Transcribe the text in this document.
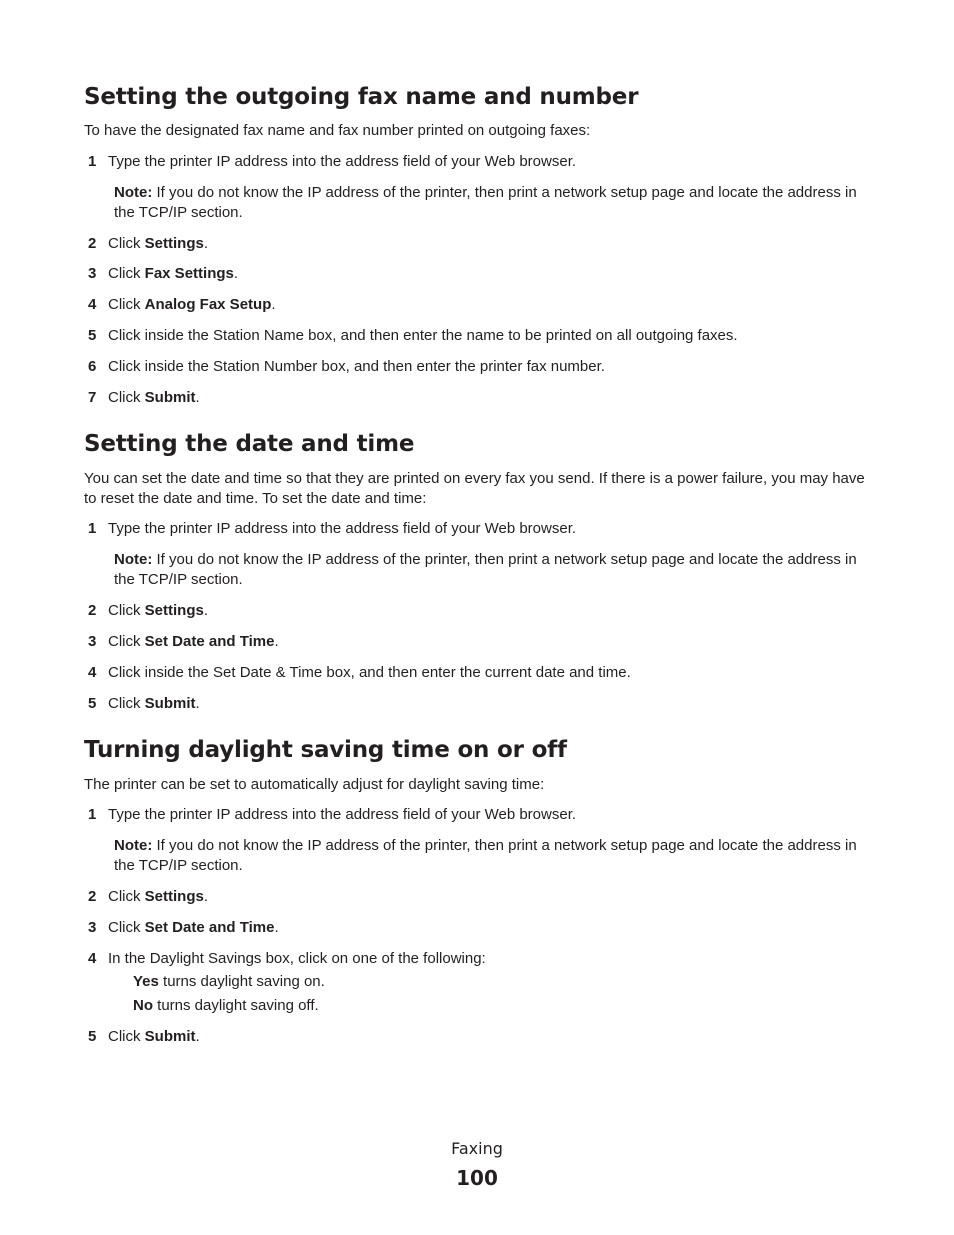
Setting the outgoing fax name and number

To have the designated fax name and fax number printed on outgoing faxes:

1 Type the printer IP address into the address field of your Web browser.

Note: If you do not know the IP address of the printer, then print a network setup page and locate the address in the TCP/IP section.

2 Click Settings.
3 Click Fax Settings.
4 Click Analog Fax Setup.
5 Click inside the Station Name box, and then enter the name to be printed on all outgoing faxes.
6 Click inside the Station Number box, and then enter the printer fax number.
7 Click Submit.
Setting the date and time

You can set the date and time so that they are printed on every fax you send. If there is a power failure, you may have to reset the date and time. To set the date and time:

1 Type the printer IP address into the address field of your Web browser.

Note: If you do not know the IP address of the printer, then print a network setup page and locate the address in the TCP/IP section.

2 Click Settings.
3 Click Set Date and Time.
4 Click inside the Set Date & Time box, and then enter the current date and time.
5 Click Submit.
Turning daylight saving time on or off

The printer can be set to automatically adjust for daylight saving time:

1 Type the printer IP address into the address field of your Web browser.

Note: If you do not know the IP address of the printer, then print a network setup page and locate the address in the TCP/IP section.

2 Click Settings.
3 Click Set Date and Time.
4 In the Daylight Savings box, click on one of the following:
Yes turns daylight saving on.
No turns daylight saving off.
5 Click Submit.
Faxing
100
